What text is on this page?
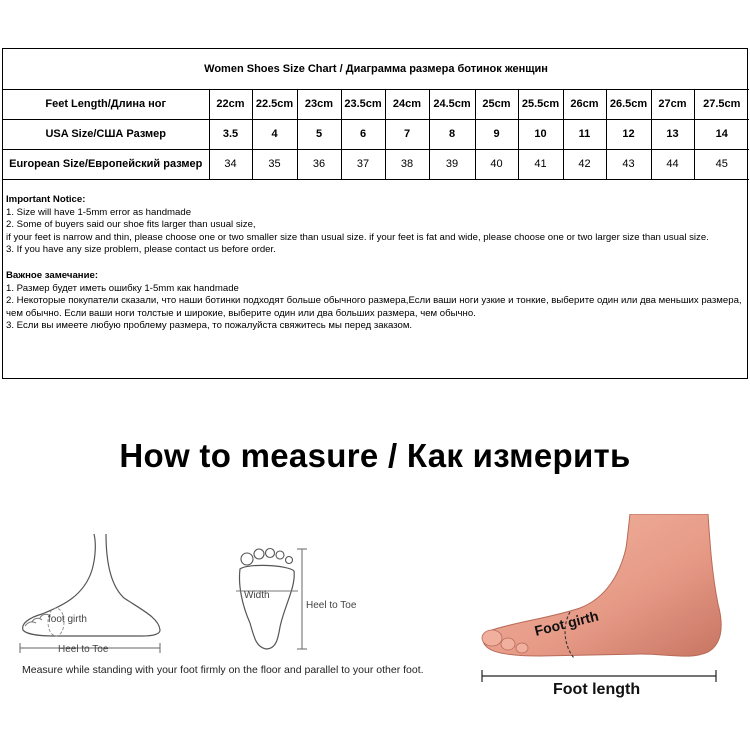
Women Shoes Size Chart / Диаграмма размера ботинок женщин												
Feet Length/Длина ног	22cm	22.5cm	23cm	23.5cm	24cm	24.5cm	25cm	25.5cm	26cm	26.5cm	27cm	27.5cm
USA Size/США Размер	3.5	4	5	6	7	8	9	10	11	12	13	14
European Size/Европейский размер	34	35	36	37	38	39	40	41	42	43	44	45

Important Notice:

1. Size will have 1-5mm error as handmade

2. Some of buyers said our shoe fits larger than usual size,

if your feet is narrow and thin, please choose one or two smaller size than usual size. if your feet is fat and wide, please choose one or two larger size than usual size.

3. If you have any size problem, please contact us before order.

Важное замечание:

1. Размер будет иметь ошибку 1-5mm как handmade

2. Некоторые покупатели сказали, что наши ботинки подходят больше обычного размера,Если ваши ноги узкие и тонкие, выберите один или два меньших размера, чем обычно. Если ваши ноги толстые и широкие, выберите один или два больших размера, чем обычно.

3. Если вы имеете любую проблему размера, то пожалуйста свяжитесь мы перед заказом.

How to measure / Как измерить
foot girth
Heel to Toe
Width
Heel to Toe
Measure while standing with your foot firmly on the floor and parallel to your other foot.
Foot girth
Foot length
